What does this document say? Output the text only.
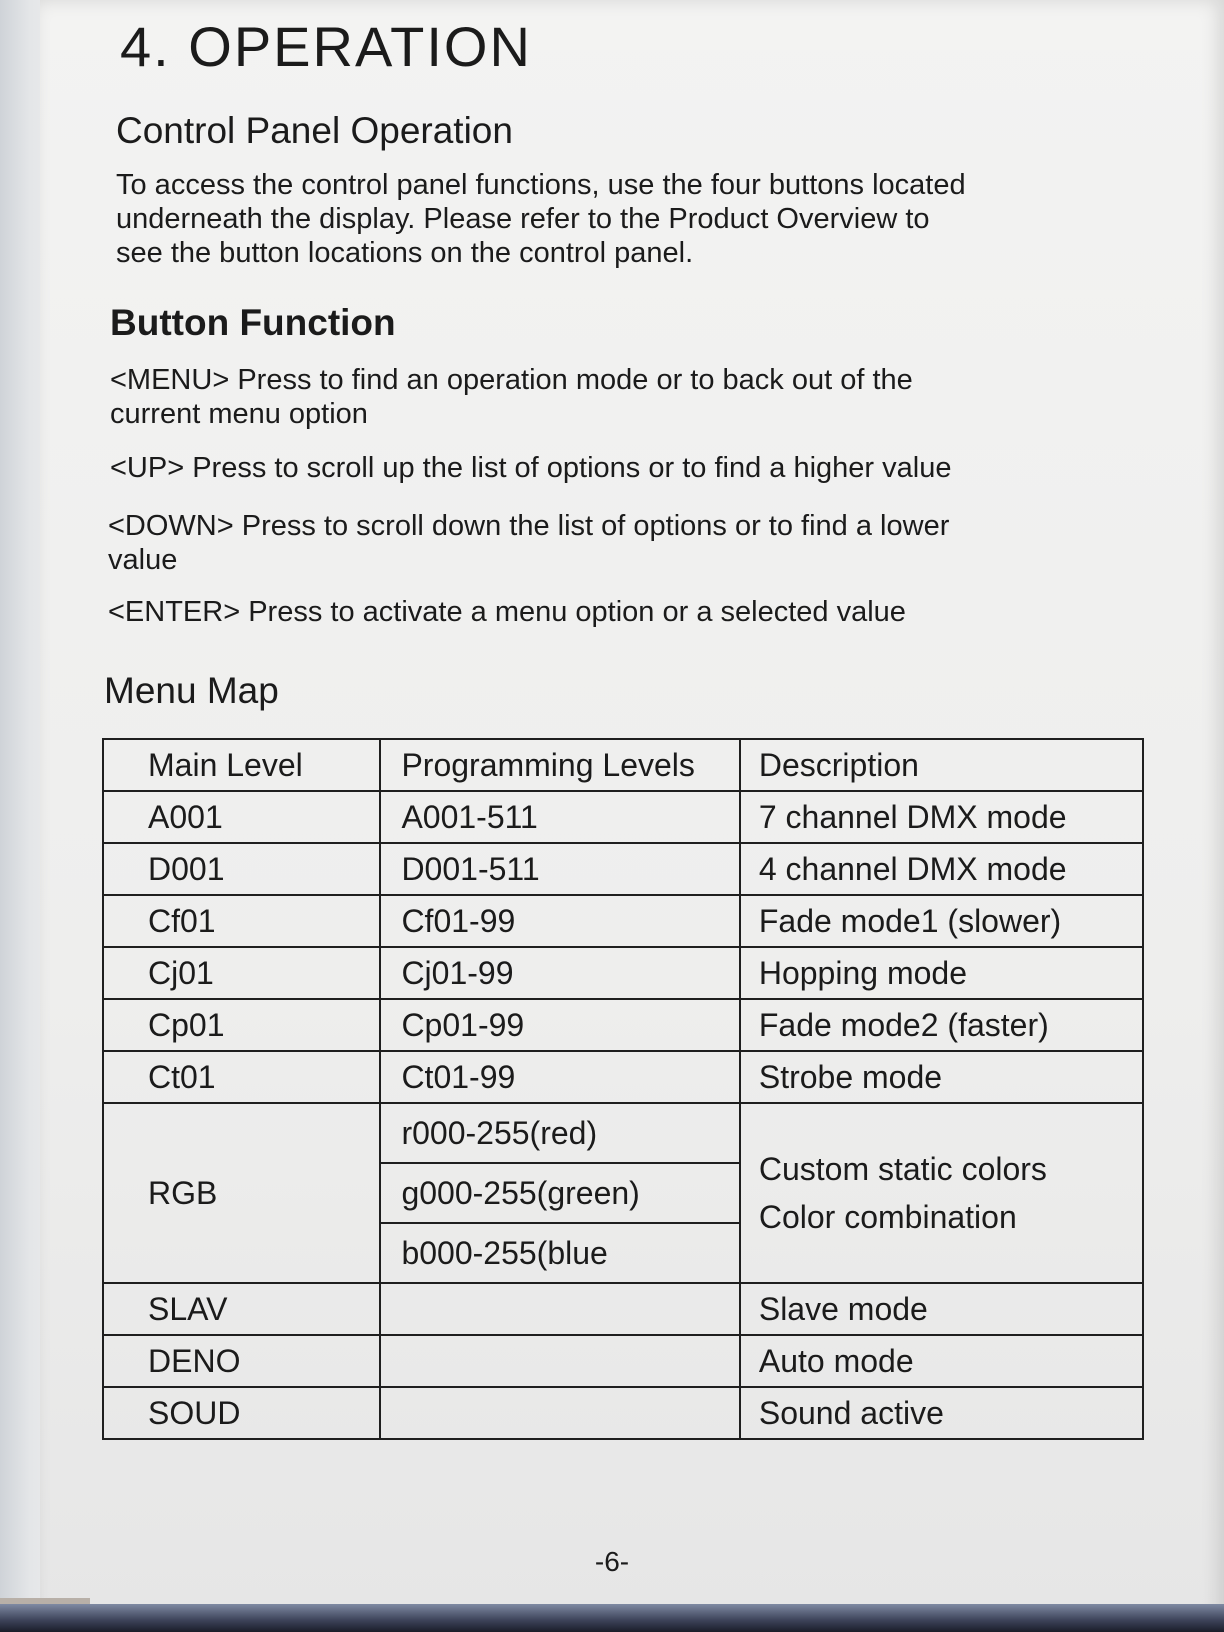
4. OPERATION
Control Panel Operation

To access the control panel functions, use the four buttons located

underneath the display. Please refer to the Product Overview to

see the button locations on the control panel.

Button Function

<MENU> Press to find an operation mode or to back out of the

current menu option

<UP> Press to scroll up the list of options or to find a higher value

<DOWN> Press to scroll down the list of options or to find a lower

value

<ENTER> Press to activate a menu option or a selected value

Menu Map
Main Level	Programming Levels	Description
A001	A001-511	7 channel DMX mode
D001	D001-511	4 channel DMX mode
Cf01	Cf01-99	Fade mode1 (slower)
Cj01	Cj01-99	Hopping mode
Cp01	Cp01-99	Fade mode2 (faster)
Ct01	Ct01-99	Strobe mode
RGB	r000-255(red)	Custom static colors
Color combination

	g000-255(green)	
	b000-255(blue	
SLAV		Slave mode
DENO		Auto mode
SOUD		Sound active
-6-
